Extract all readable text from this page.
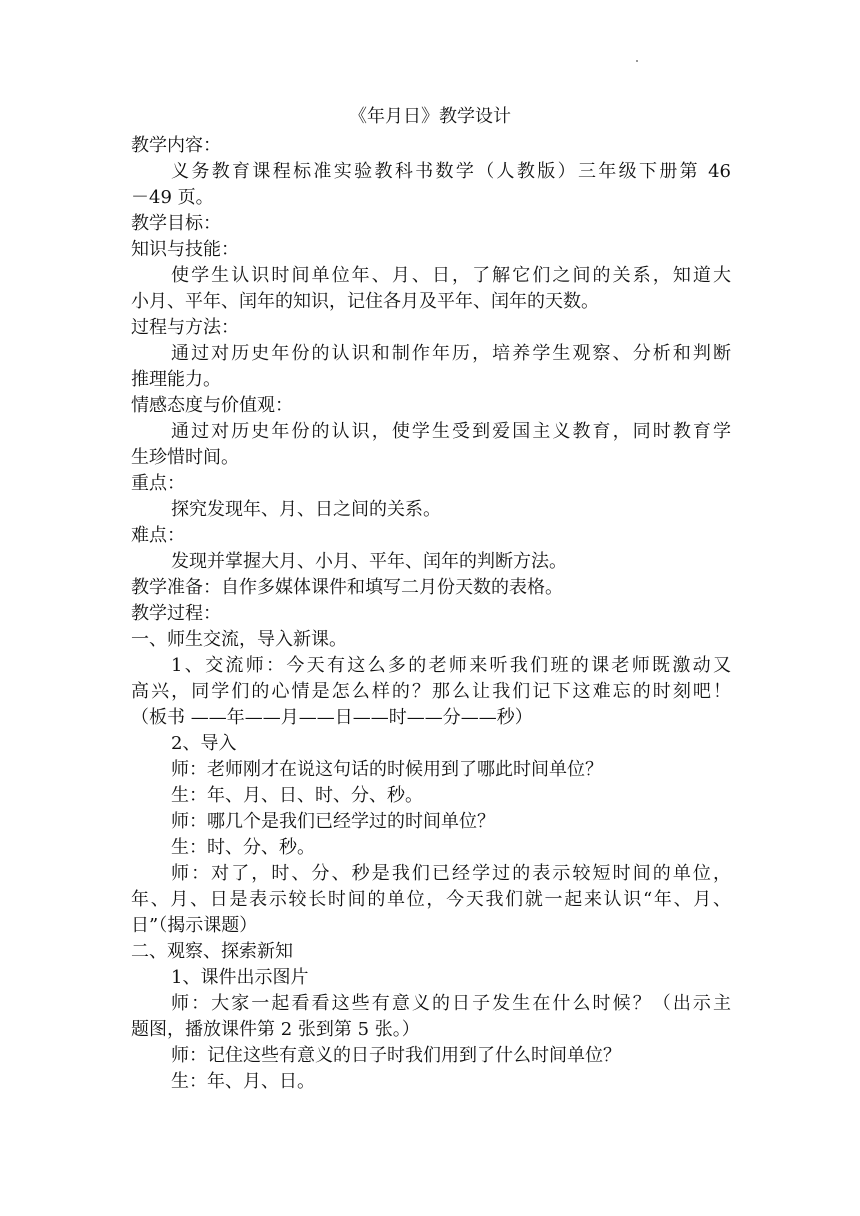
《年月日》教学设计
教学内容：
义务教育课程标准实验教科书数学（人教版）三年级下册第 46
－49 页。
教学目标：
知识与技能：
使学生认识时间单位年、月、日，了解它们之间的关系，知道大
小月、平年、闰年的知识，记住各月及平年、闰年的天数。
过程与方法：
通过对历史年份的认识和制作年历，培养学生观察、分析和判断
推理能力。
情感态度与价值观：
通过对历史年份的认识，使学生受到爱国主义教育，同时教育学
生珍惜时间。
重点：
探究发现年、月、日之间的关系。
难点：
发现并掌握大月、小月、平年、闰年的判断方法。
教学准备：自作多媒体课件和填写二月份天数的表格。
教学过程：
一、师生交流，导入新课。
1、交流师：今天有这么多的老师来听我们班的课老师既激动又
高兴，同学们的心情是怎么样的？那么让我们记下这难忘的时刻吧！
（板书 ——年——月——日——时——分——秒）
2、导入
师：老师刚才在说这句话的时候用到了哪此时间单位？
生：年、月、日、时、分、秒。
师：哪几个是我们已经学过的时间单位？
生：时、分、秒。
师：对了，时、分、秒是我们已经学过的表示较短时间的单位，
年、月、日是表示较长时间的单位，今天我们就一起来认识“年、月、
日”（揭示课题）
二、观察、探索新知
1、课件出示图片
师：大家一起看看这些有意义的日子发生在什么时候？（出示主
题图，播放课件第 2 张到第 5 张。）
师：记住这些有意义的日子时我们用到了什么时间单位？
生：年、月、日。
